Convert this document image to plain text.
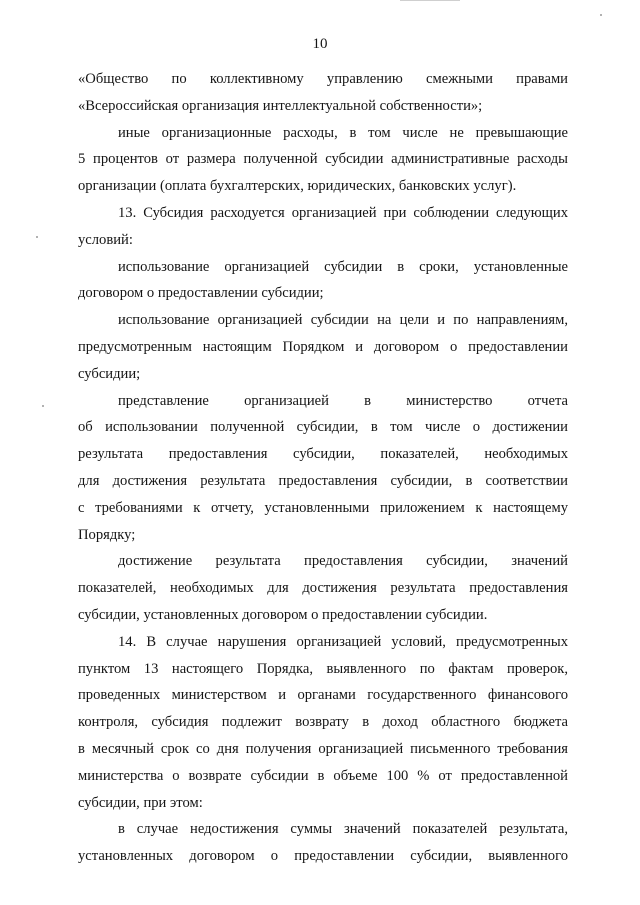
10
«Общество по коллективному управлению смежными правами
«Всероссийская организация интеллектуальной собственности»;
иные организационные расходы, в том числе не превышающие
5 процентов от размера полученной субсидии административные расходы
организации (оплата бухгалтерских, юридических, банковских услуг).
13. Субсидия расходуется организацией при соблюдении следующих
условий:
использование организацией субсидии в сроки, установленные
договором о предоставлении субсидии;
использование организацией субсидии на цели и по направлениям,
предусмотренным настоящим Порядком и договором о предоставлении
субсидии;
представление организацией в министерство отчета
об использовании полученной субсидии, в том числе о достижении
результата предоставления субсидии, показателей, необходимых
для достижения результата предоставления субсидии, в соответствии
с требованиями к отчету, установленными приложением к настоящему
Порядку;
достижение результата предоставления субсидии, значений
показателей, необходимых для достижения результата предоставления
субсидии, установленных договором о предоставлении субсидии.
14. В случае нарушения организацией условий, предусмотренных
пунктом 13 настоящего Порядка, выявленного по фактам проверок,
проведенных министерством и органами государственного финансового
контроля, субсидия подлежит возврату в доход областного бюджета
в месячный срок со дня получения организацией письменного требования
министерства о возврате субсидии в объеме 100 % от предоставленной
субсидии, при этом:
в случае недостижения суммы значений показателей результата,
установленных договором о предоставлении субсидии, выявленного
